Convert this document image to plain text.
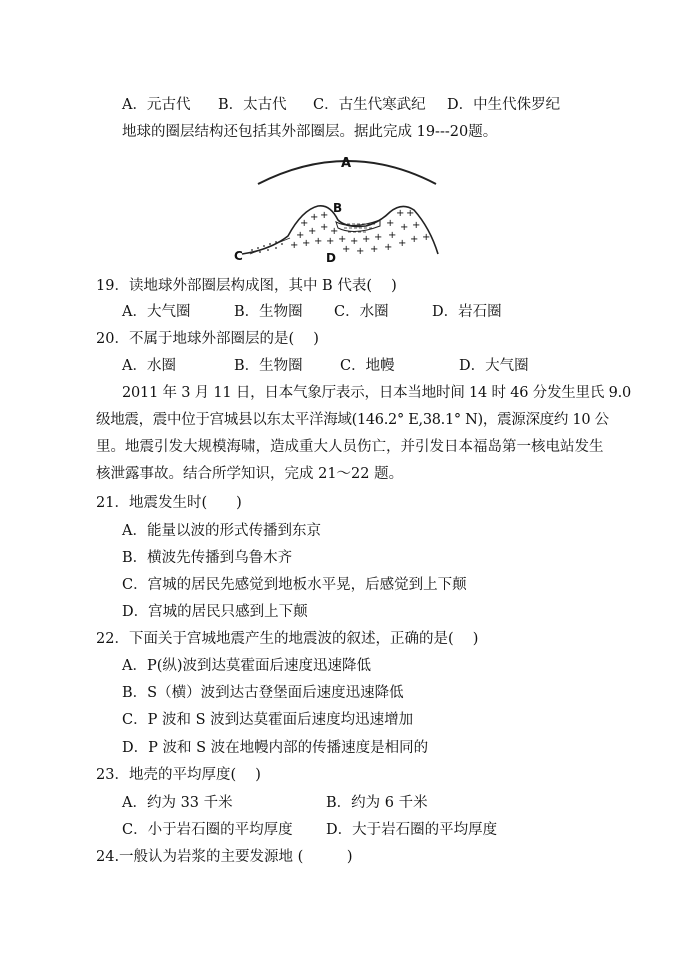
A．元古代 B．太古代 C．古生代寒武纪 D．中生代侏罗纪
地球的圈层结构还包括其外部圈层。据此完成 19---20题。
A
B
+
+ +
+ + + +
+ + + + + + + +
+
+ +
+
+ +
+ + +
+ + + +
C	D
19．读地球外部圈层构成图，其中 B 代表(　 )
A．大气圈	B．生物圈 C．水圈	D．岩石圈
20．不属于地球外部圈层的是(　 )
A．水圈	B．生物圈	C．地幔	D．大气圈
2011 年 3 月 11 日，日本气象厅表示，日本当地时间 14 时 46 分发生里氏 9.0
级地震，震中位于宫城县以东太平洋海域(146.2° E,38.1° N)，震源深度约 10 公
里。地震引发大规模海啸，造成重大人员伤亡，并引发日本福岛第一核电站发生
核泄露事故。结合所学知识，完成 21～22 题。
21．地震发生时(　　)
A．能量以波的形式传播到东京
B．横波先传播到乌鲁木齐
C．宫城的居民先感觉到地板水平晃，后感觉到上下颠
D．宫城的居民只感到上下颠
22．下面关于宫城地震产生的地震波的叙述，正确的是(　 )
A．P(纵)波到达莫霍面后速度迅速降低
B．S（横）波到达古登堡面后速度迅速降低
C．P 波和 S 波到达莫霍面后速度均迅速增加
D．P 波和 S 波在地幔内部的传播速度是相同的
23．地壳的平均厚度(　 )
A．约为 33 千米	B．约为 6 千米
C．小于岩石圈的平均厚度 D．大于岩石圈的平均厚度
24.一般认为岩浆的主要发源地 (　　　)
